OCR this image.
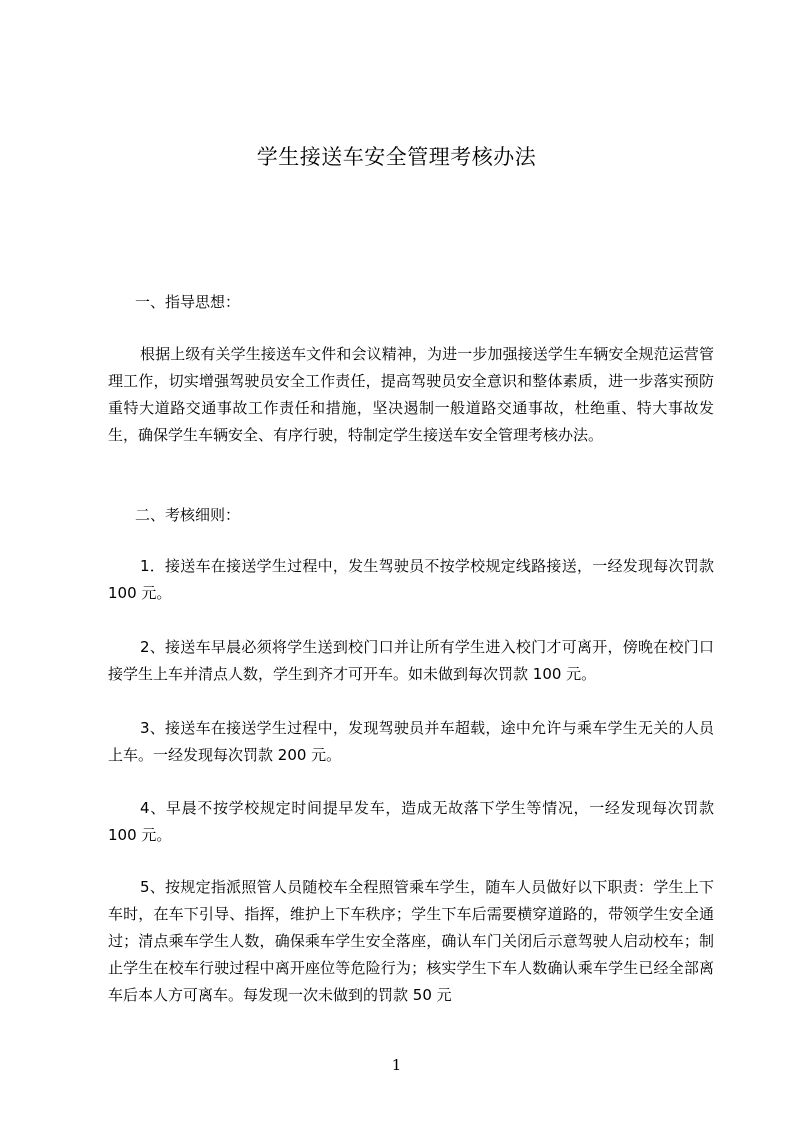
学生接送车安全管理考核办法
一、指导思想：

根据上级有关学生接送车文件和会议精神，为进一步加强接送学生车辆安全规范运营管理工作，切实增强驾驶员安全工作责任，提高驾驶员安全意识和整体素质，进一步落实预防重特大道路交通事故工作责任和措施，坚决遏制一般道路交通事故，杜绝重、特大事故发生，确保学生车辆安全、有序行驶，特制定学生接送车安全管理考核办法。

二、考核细则：

1．接送车在接送学生过程中，发生驾驶员不按学校规定线路接送，一经发现每次罚款 100 元。

2、接送车早晨必须将学生送到校门口并让所有学生进入校门才可离开，傍晚在校门口接学生上车并清点人数，学生到齐才可开车。如未做到每次罚款 100 元。

3、接送车在接送学生过程中，发现驾驶员并车超载，途中允许与乘车学生无关的人员上车。一经发现每次罚款 200 元。

4、早晨不按学校规定时间提早发车，造成无故落下学生等情况，一经发现每次罚款 100 元。

5、按规定指派照管人员随校车全程照管乘车学生，随车人员做好以下职责：学生上下车时，在车下引导、指挥，维护上下车秩序；学生下车后需要横穿道路的，带领学生安全通过；清点乘车学生人数，确保乘车学生安全落座，确认车门关闭后示意驾驶人启动校车；制止学生在校车行驶过程中离开座位等危险行为；核实学生下车人数确认乘车学生已经全部离车后本人方可离车。每发现一次未做到的罚款 50 元

1
